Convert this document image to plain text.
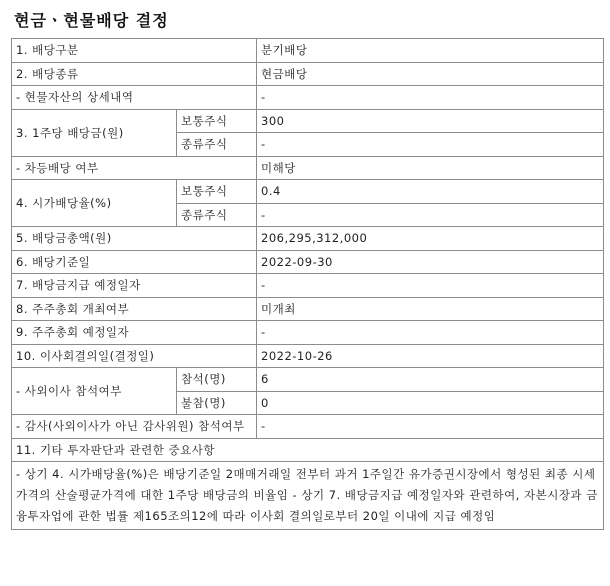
현금ㆍ현물배당 결정
1. 배당구분		분기배당
2. 배당종류		현금배당
- 현물자산의 상세내역		-
3. 1주당 배당금(원)	보통주식	300
	종류주식	-
- 차등배당 여부		미해당
4. 시가배당율(%)	보통주식	0.4
	종류주식	-
5. 배당금총액(원)		206,295,312,000
6. 배당기준일		2022-09-30
7. 배당금지급 예정일자		-
8. 주주총회 개최여부		미개최
9. 주주총회 예정일자		-
10. 이사회결의일(결정일)		2022-10-26
- 사외이사 참석여부	참석(명)	6
	불참(명)	0
- 감사(사외이사가 아닌 감사위원) 참석여부		-
11. 기타 투자판단과 관련한 중요사항		
- 상기 4. 시가배당율(%)은 배당기준일 2매매거래일 전부터 과거 1주일간 유가증권시장에서 형성된 최종 시세가격의 산술평균가격에 대한 1주당 배당금의 비율임 - 상기 7. 배당금지급 예정일자와 관련하여, 자본시장과 금융투자업에 관한 법률 제165조의12에 따라 이사회 결의일로부터 20일 이내에 지급 예정임		
